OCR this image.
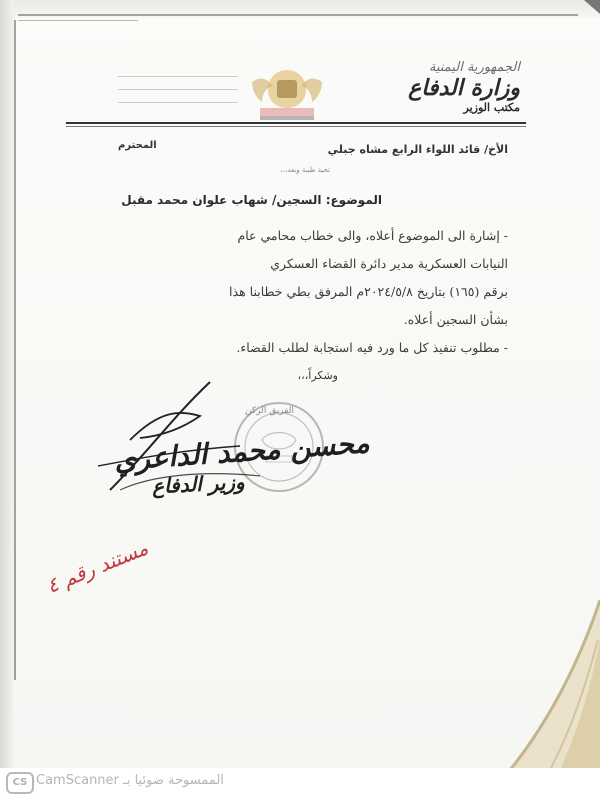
الجمهورية اليمنية
وزارة الدفاع
مكتب الوزير
الأخ/ قائد اللواء الرابع مشاه جبلي
المحترم
تحية طيبة وبعد،،،
الموضوع: السجين/ شهاب علوان محمد مقبل
- إشارة الى الموضوع أعلاه، والى خطاب محامي عام
النيابات العسكرية مدير دائرة القضاء العسكري
برقم (١٦٥) بتاريخ ٢٠٢٤/٥/٨م المرفق بطي خطابنا هذا
بشأن السجين أعلاه.
- مطلوب تنفيذ كل ما ورد فيه استجابة لطلب القضاء.
وشكراً،،،
الفريق الركن
محسن محمد الداعري
وزير الدفاع
مستند رقم ٤
CS الممسوحة ضوئيا بـ CamScanner
